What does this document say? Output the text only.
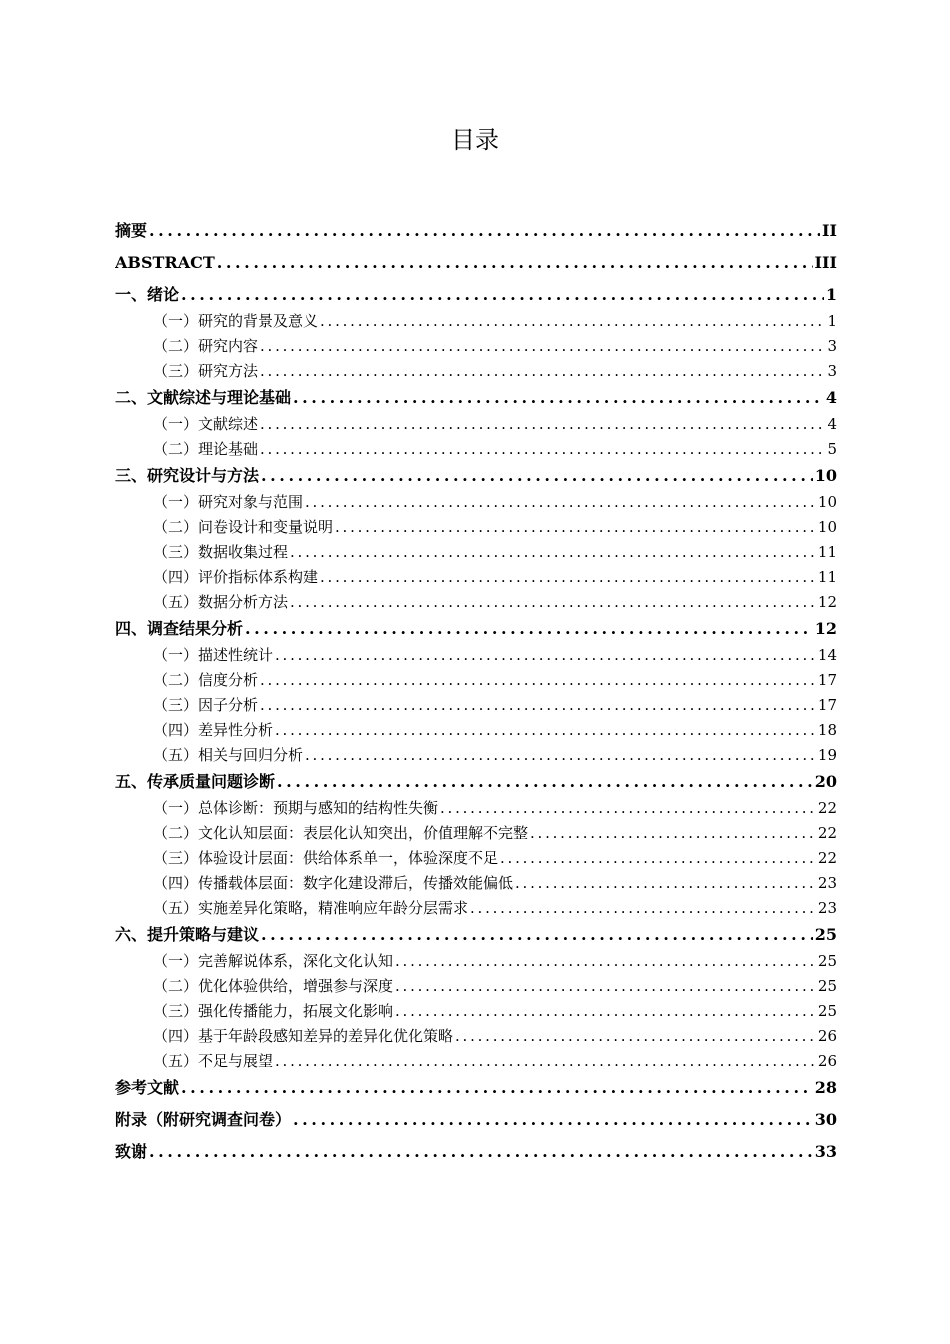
目录
摘要 . . .	II
ABSTRACT . . .	III
一、绪论 . . .	1
（一）研究的背景及意义 . . .	1
（二）研究内容 . . .	3
（三）研究方法 . . .	3
二、文献综述与理论基础 . . .	4
（一）文献综述 . . .	4
（二）理论基础 . . .	5
三、研究设计与方法 . . .	10
（一）研究对象与范围 . . .	10
（二）问卷设计和变量说明 . . .	10
（三）数据收集过程 . . .	11
（四）评价指标体系构建 . . .	11
（五）数据分析方法 . . .	12
四、调查结果分析 . . .	12
（一）描述性统计 . . .	14
（二）信度分析 . . .	17
（三）因子分析 . . .	17
（四）差异性分析 . . .	18
（五）相关与回归分析 . . .	19
五、传承质量问题诊断 . . .	20
（一）总体诊断：预期与感知的结构性失衡 . . .	22
（二）文化认知层面：表层化认知突出，价值理解不完整 . . .	22
（三）体验设计层面：供给体系单一，体验深度不足 . . .	22
（四）传播载体层面：数字化建设滞后，传播效能偏低 . . .	23
（五）实施差异化策略，精准响应年龄分层需求 . . .	23
六、提升策略与建议 . . .	25
（一）完善解说体系，深化文化认知 . . .	25
（二）优化体验供给，增强参与深度 . . .	25
（三）强化传播能力，拓展文化影响 . . .	25
（四）基于年龄段感知差异的差异化优化策略 . . .	26
（五）不足与展望 . . .	26
参考文献 . . .	28
附录（附研究调查问卷） . . .	30
致谢 . . .	33
